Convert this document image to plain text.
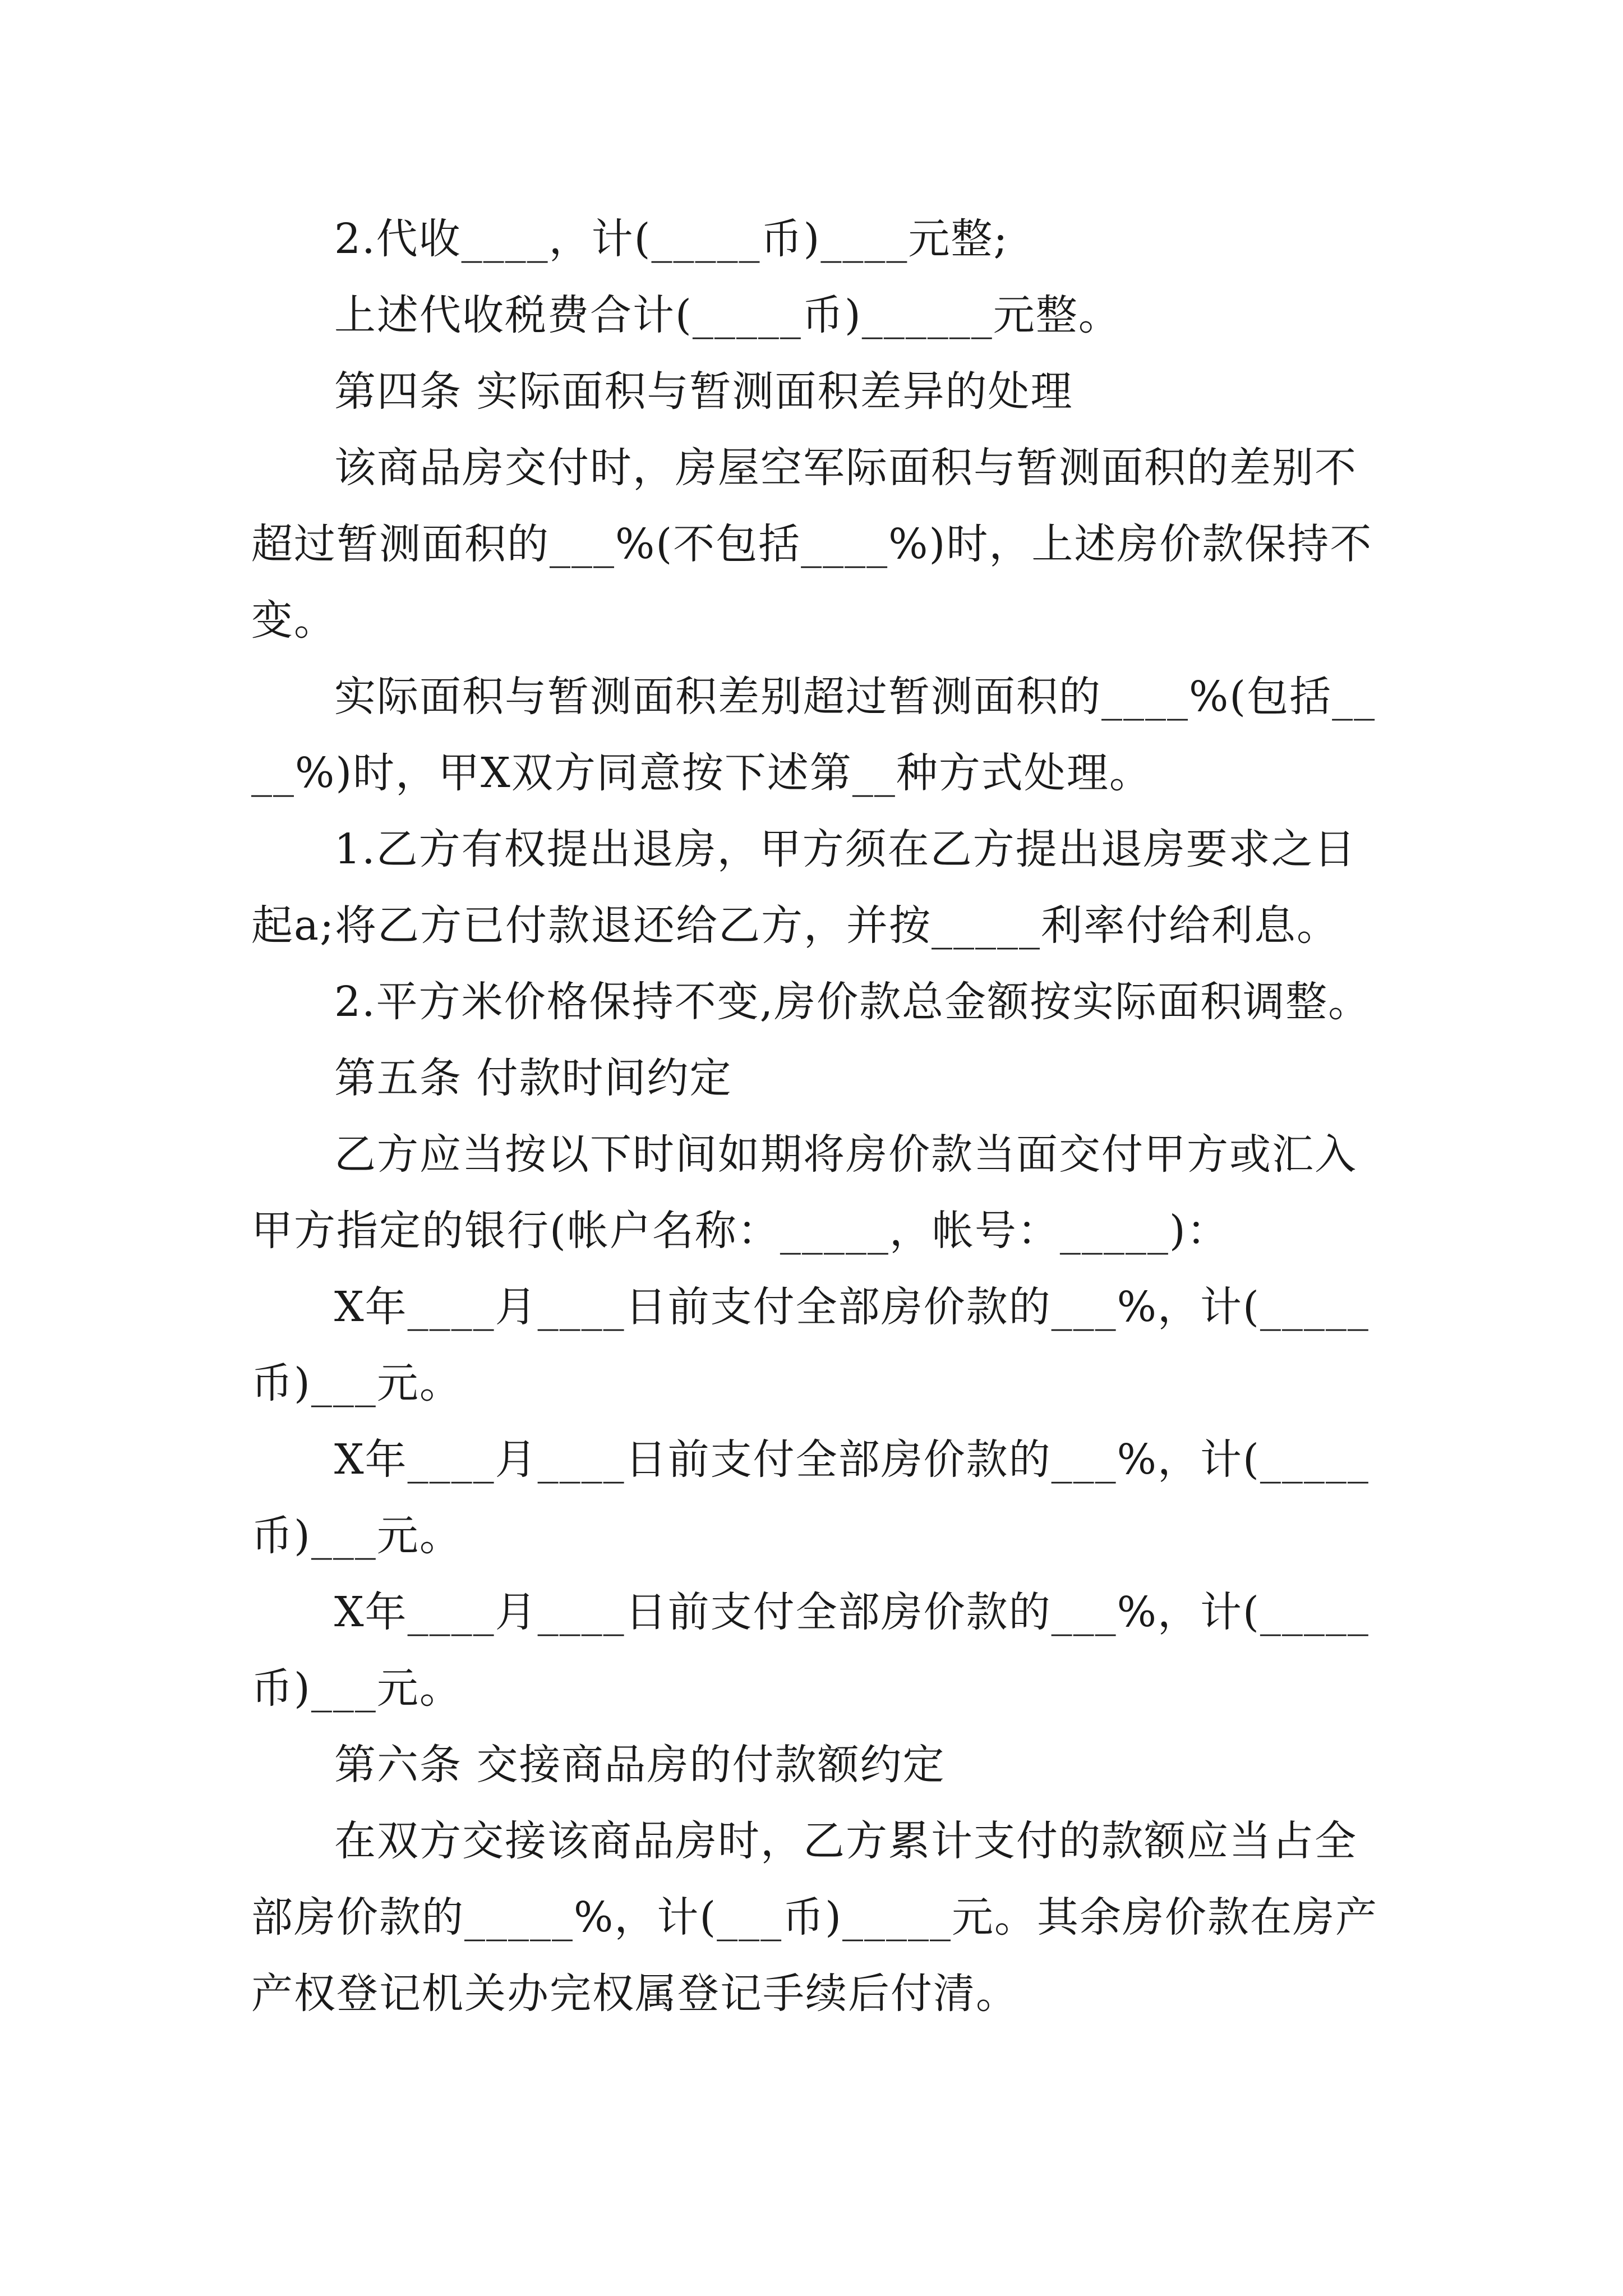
2.代收____，计(_____币)____元整;

上述代收税费合计(_____币)______元整。

第四条 实际面积与暂测面积差异的处理

该商品房交付时，房屋空军际面积与暂测面积的差别不超过暂测面积的___%(不包括____%)时，上述房价款保持不变。

实际面积与暂测面积差别超过暂测面积的____%(包括____%)时，甲X双方同意按下述第__种方式处理。

1.乙方有权提出退房，甲方须在乙方提出退房要求之日起a;将乙方已付款退还给乙方，并按_____利率付给利息。

2.平方米价格保持不变,房价款总金额按实际面积调整。

第五条 付款时间约定

乙方应当按以下时间如期将房价款当面交付甲方或汇入甲方指定的银行(帐户名称：_____，帐号：_____)：

X年____月____日前支付全部房价款的___%，计(_____币)___元。

X年____月____日前支付全部房价款的___%，计(_____币)___元。

X年____月____日前支付全部房价款的___%，计(_____币)___元。

第六条 交接商品房的付款额约定

在双方交接该商品房时，乙方累计支付的款额应当占全部房价款的_____%，计(___币)_____元。其余房价款在房产产权登记机关办完权属登记手续后付清。
